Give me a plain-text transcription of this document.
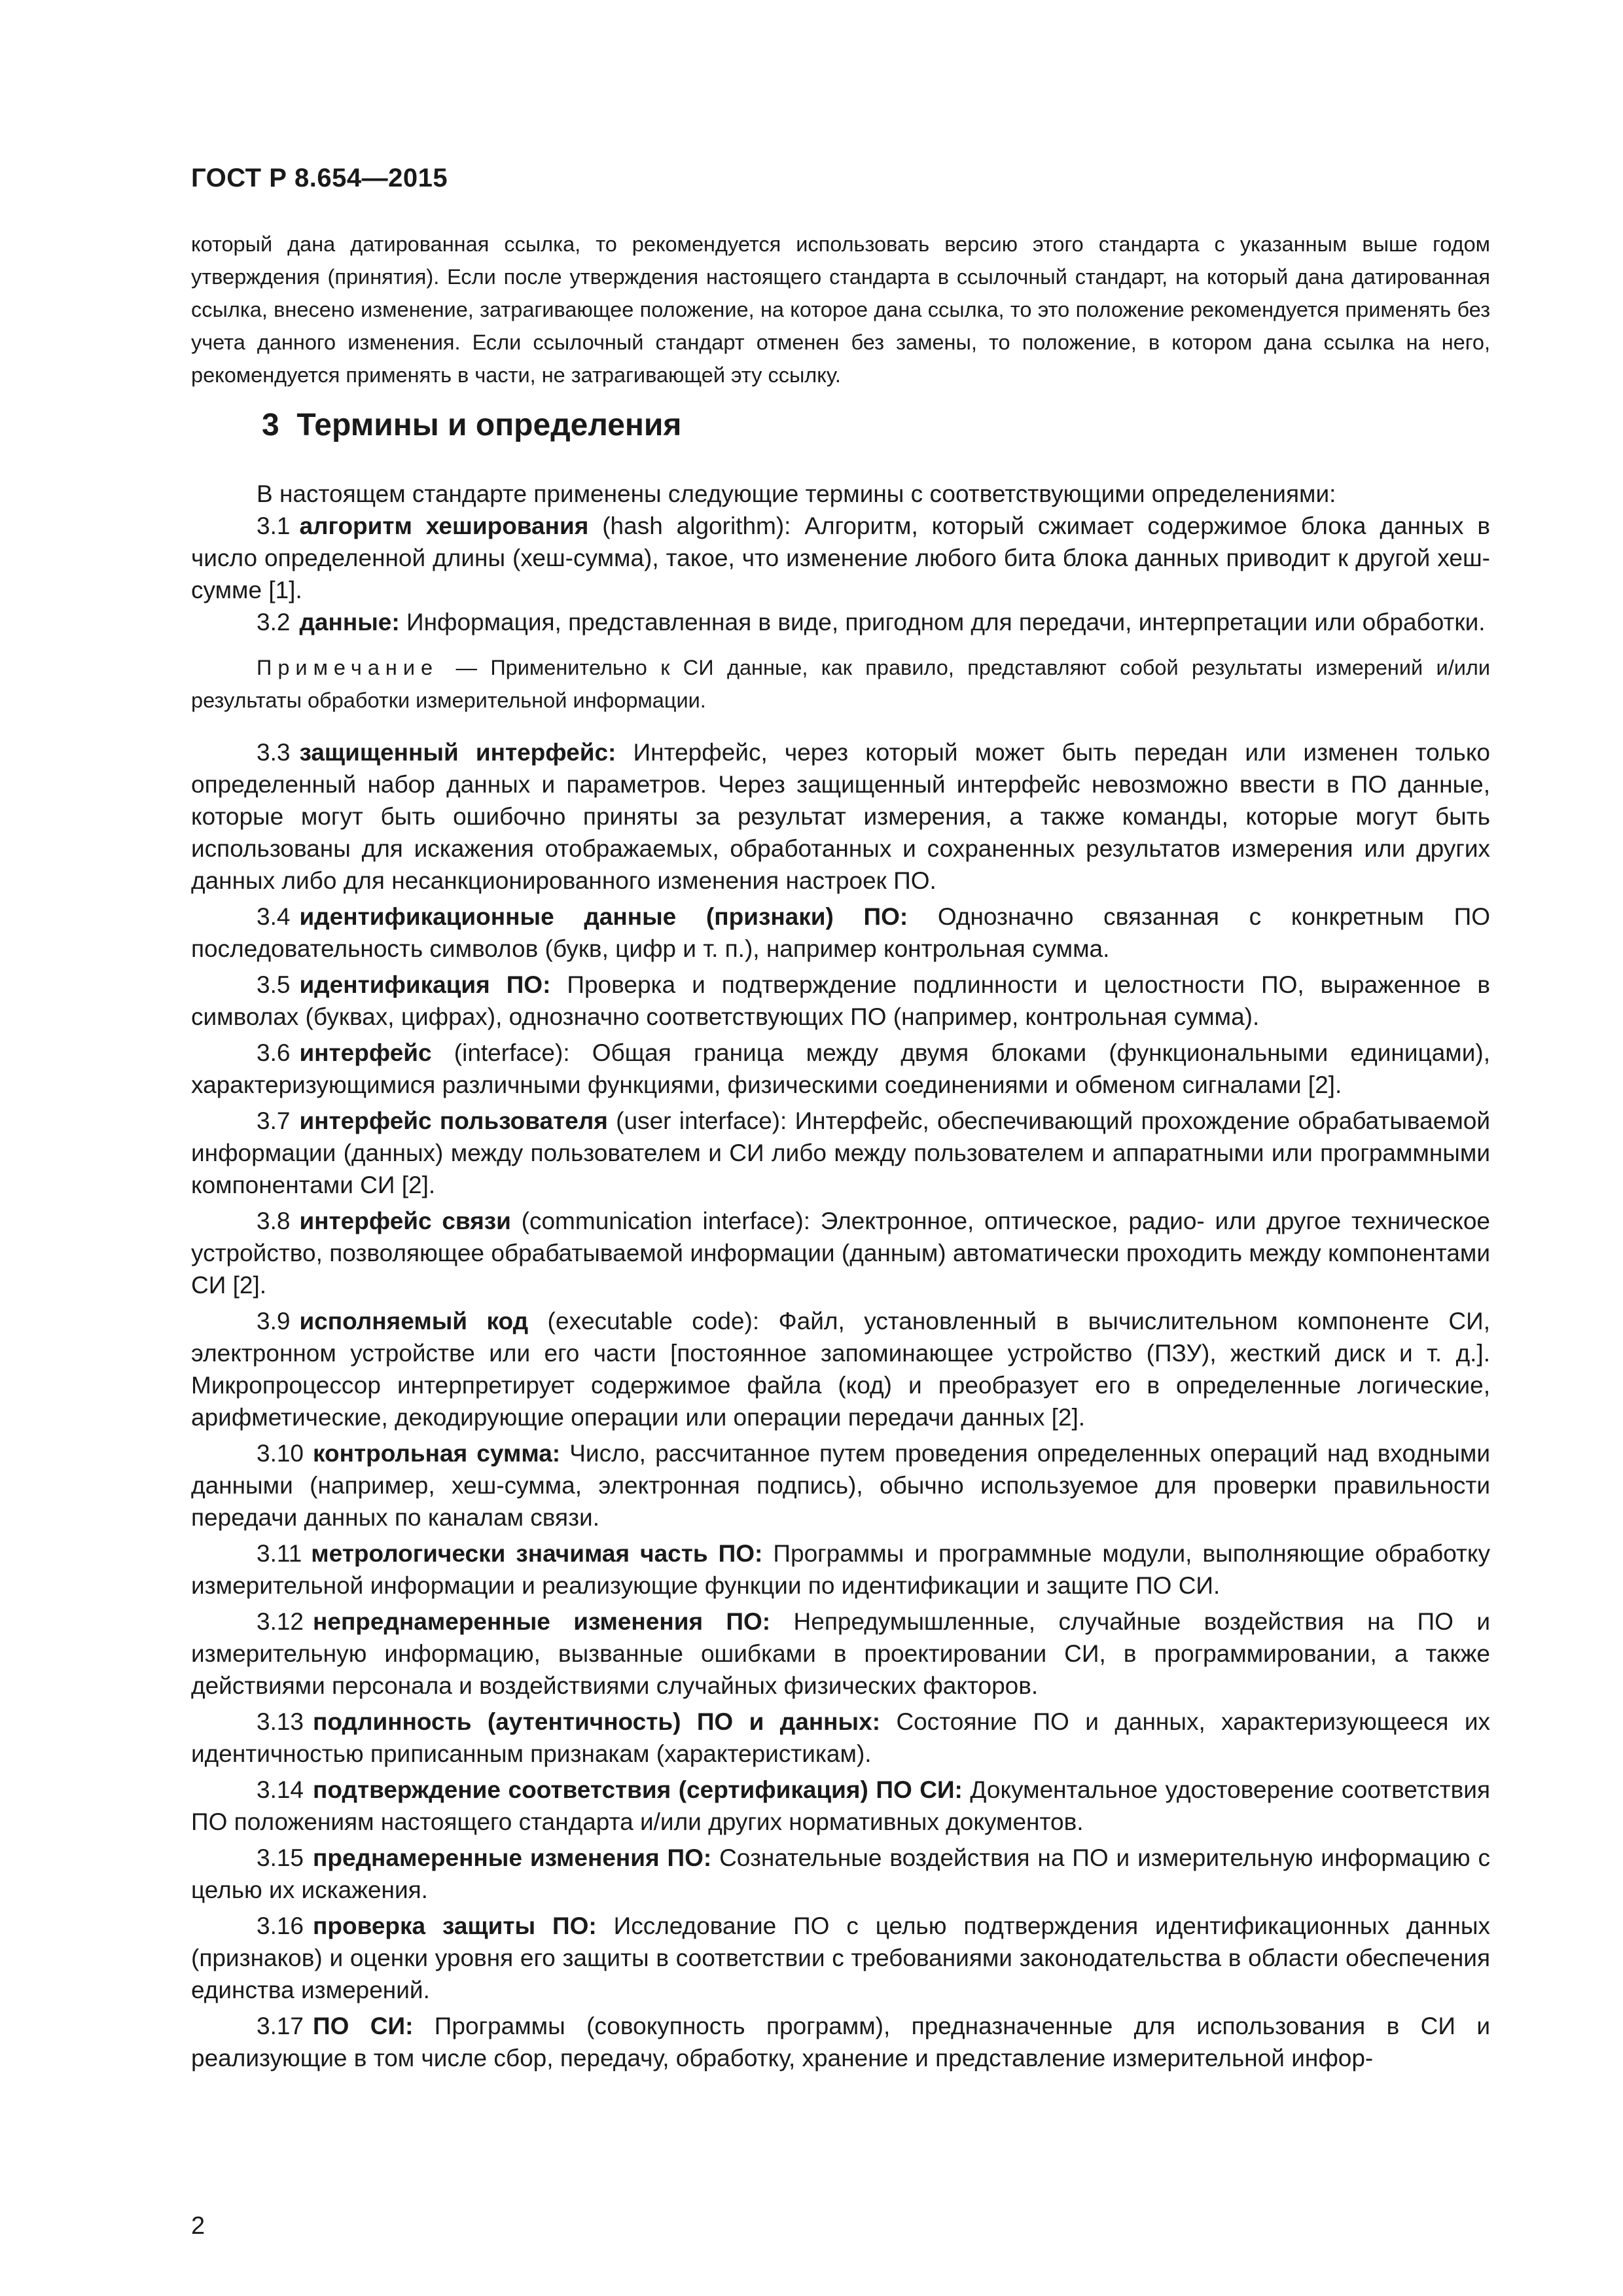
ГОСТ Р 8.654—2015
который дана датированная ссылка, то рекомендуется использовать версию этого стандарта с указанным выше годом утверждения (принятия). Если после утверждения настоящего стандарта в ссылочный стандарт, на который дана датированная ссылка, внесено изменение, затрагивающее положение, на которое дана ссылка, то это положение рекомендуется применять без учета данного изменения. Если ссылочный стандарт отменен без замены, то положение, в котором дана ссылка на него, рекомендуется применять в части, не затрагивающей эту ссылку.
3 Термины и определения

В настоящем стандарте применены следующие термины с соответствующими определениями:

3.1 алгоритм хеширования (hash algorithm): Алгоритм, который сжимает содержимое блока данных в число определенной длины (хеш-сумма), такое, что изменение любого бита блока данных приводит к другой хеш-сумме [1].

3.2 данные: Информация, представленная в виде, пригодном для передачи, интерпретации или обработки.

Примечание — Применительно к СИ данные, как правило, представляют собой результаты измерений и/или результаты обработки измерительной информации.

3.3 защищенный интерфейс: Интерфейс, через который может быть передан или изменен только определенный набор данных и параметров. Через защищенный интерфейс невозможно ввести в ПО данные, которые могут быть ошибочно приняты за результат измерения, а также команды, которые могут быть использованы для искажения отображаемых, обработанных и сохраненных результатов измерения или других данных либо для несанкционированного изменения настроек ПО.

3.4 идентификационные данные (признаки) ПО: Однозначно связанная с конкретным ПО последовательность символов (букв, цифр и т. п.), например контрольная сумма.

3.5 идентификация ПО: Проверка и подтверждение подлинности и целостности ПО, выраженное в символах (буквах, цифрах), однозначно соответствующих ПО (например, контрольная сумма).

3.6 интерфейс (interface): Общая граница между двумя блоками (функциональными единицами), характеризующимися различными функциями, физическими соединениями и обменом сигналами [2].

3.7 интерфейс пользователя (user interface): Интерфейс, обеспечивающий прохождение обрабатываемой информации (данных) между пользователем и СИ либо между пользователем и аппаратными или программными компонентами СИ [2].

3.8 интерфейс связи (communication interface): Электронное, оптическое, радио- или другое техническое устройство, позволяющее обрабатываемой информации (данным) автоматически проходить между компонентами СИ [2].

3.9 исполняемый код (executable code): Файл, установленный в вычислительном компоненте СИ, электронном устройстве или его части [постоянное запоминающее устройство (ПЗУ), жесткий диск и т. д.]. Микропроцессор интерпретирует содержимое файла (код) и преобразует его в определенные логические, арифметические, декодирующие операции или операции передачи данных [2].

3.10 контрольная сумма: Число, рассчитанное путем проведения определенных операций над входными данными (например, хеш-сумма, электронная подпись), обычно используемое для проверки правильности передачи данных по каналам связи.

3.11 метрологически значимая часть ПО: Программы и программные модули, выполняющие обработку измерительной информации и реализующие функции по идентификации и защите ПО СИ.

3.12 непреднамеренные изменения ПО: Непредумышленные, случайные воздействия на ПО и измерительную информацию, вызванные ошибками в проектировании СИ, в программировании, а также действиями персонала и воздействиями случайных физических факторов.

3.13 подлинность (аутентичность) ПО и данных: Состояние ПО и данных, характеризующееся их идентичностью приписанным признакам (характеристикам).

3.14 подтверждение соответствия (сертификация) ПО СИ: Документальное удостоверение соответствия ПО положениям настоящего стандарта и/или других нормативных документов.

3.15 преднамеренные изменения ПО: Сознательные воздействия на ПО и измерительную информацию с целью их искажения.

3.16 проверка защиты ПО: Исследование ПО с целью подтверждения идентификационных данных (признаков) и оценки уровня его защиты в соответствии с требованиями законодательства в области обеспечения единства измерений.

3.17 ПО СИ: Программы (совокупность программ), предназначенные для использования в СИ и реализующие в том числе сбор, передачу, обработку, хранение и представление измерительной инфор-

2
